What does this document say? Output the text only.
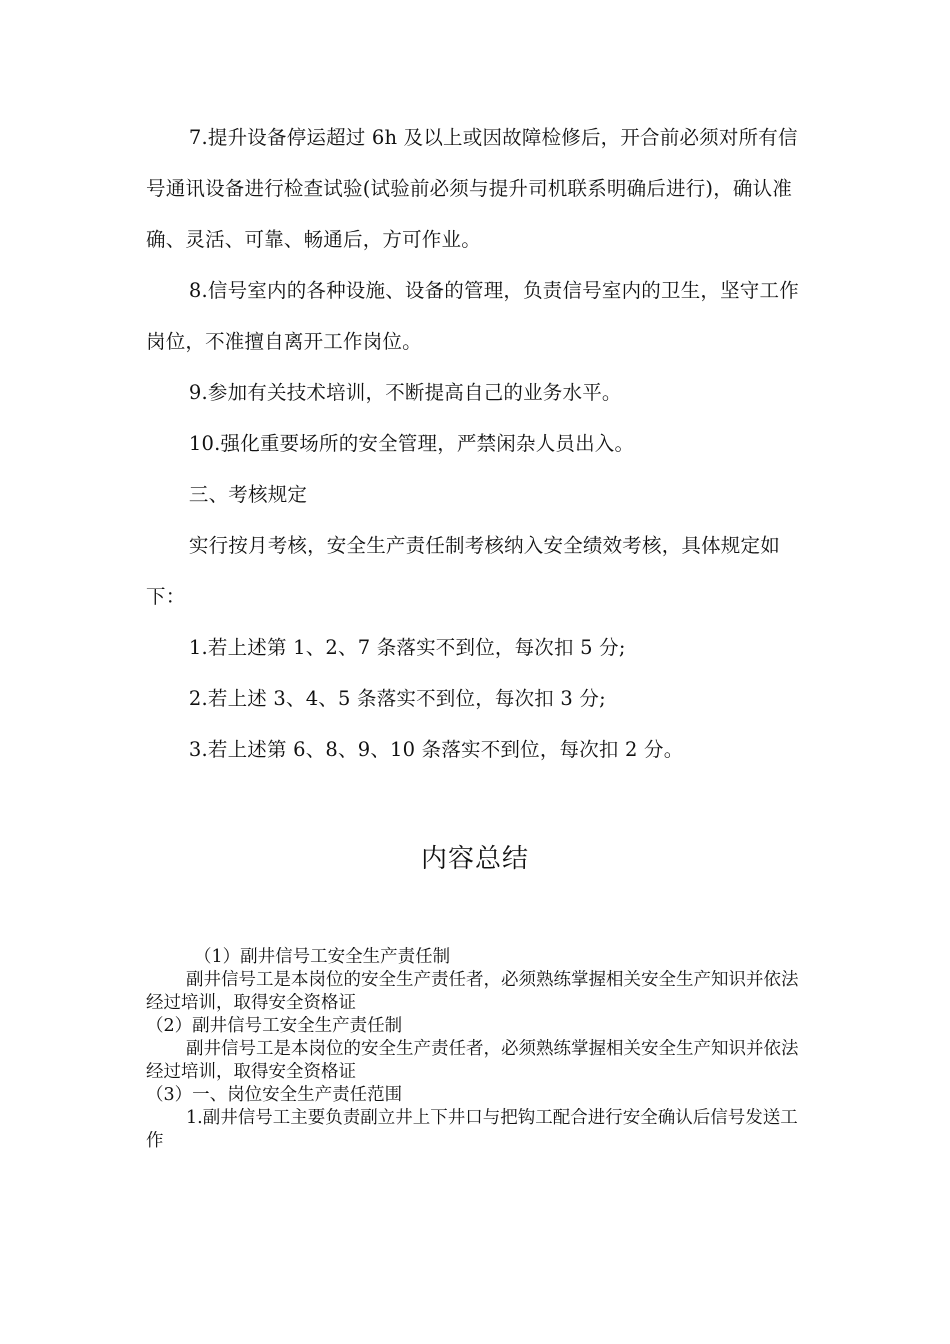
7.提升设备停运超过 6h 及以上或因故障检修后，开合前必须对所有信号通讯设备进行检查试验(试验前必须与提升司机联系明确后进行)，确认准确、灵活、可靠、畅通后，方可作业。

8.信号室内的各种设施、设备的管理，负责信号室内的卫生，坚守工作岗位，不准擅自离开工作岗位。

9.参加有关技术培训，不断提高自己的业务水平。

10.强化重要场所的安全管理，严禁闲杂人员出入。

三、考核规定

实行按月考核，安全生产责任制考核纳入安全绩效考核，具体规定如下：

1.若上述第 1、2、7 条落实不到位，每次扣 5 分;

2.若上述 3、4、5 条落实不到位，每次扣 3 分;

3.若上述第 6、8、9、10 条落实不到位，每次扣 2 分。

内容总结

（1）副井信号工安全生产责任制

副井信号工是本岗位的安全生产责任者，必须熟练掌握相关安全生产知识并依法经过培训，取得安全资格证

（2）副井信号工安全生产责任制

副井信号工是本岗位的安全生产责任者，必须熟练掌握相关安全生产知识并依法经过培训，取得安全资格证

（3）一、岗位安全生产责任范围

1.副井信号工主要负责副立井上下井口与把钩工配合进行安全确认后信号发送工作
